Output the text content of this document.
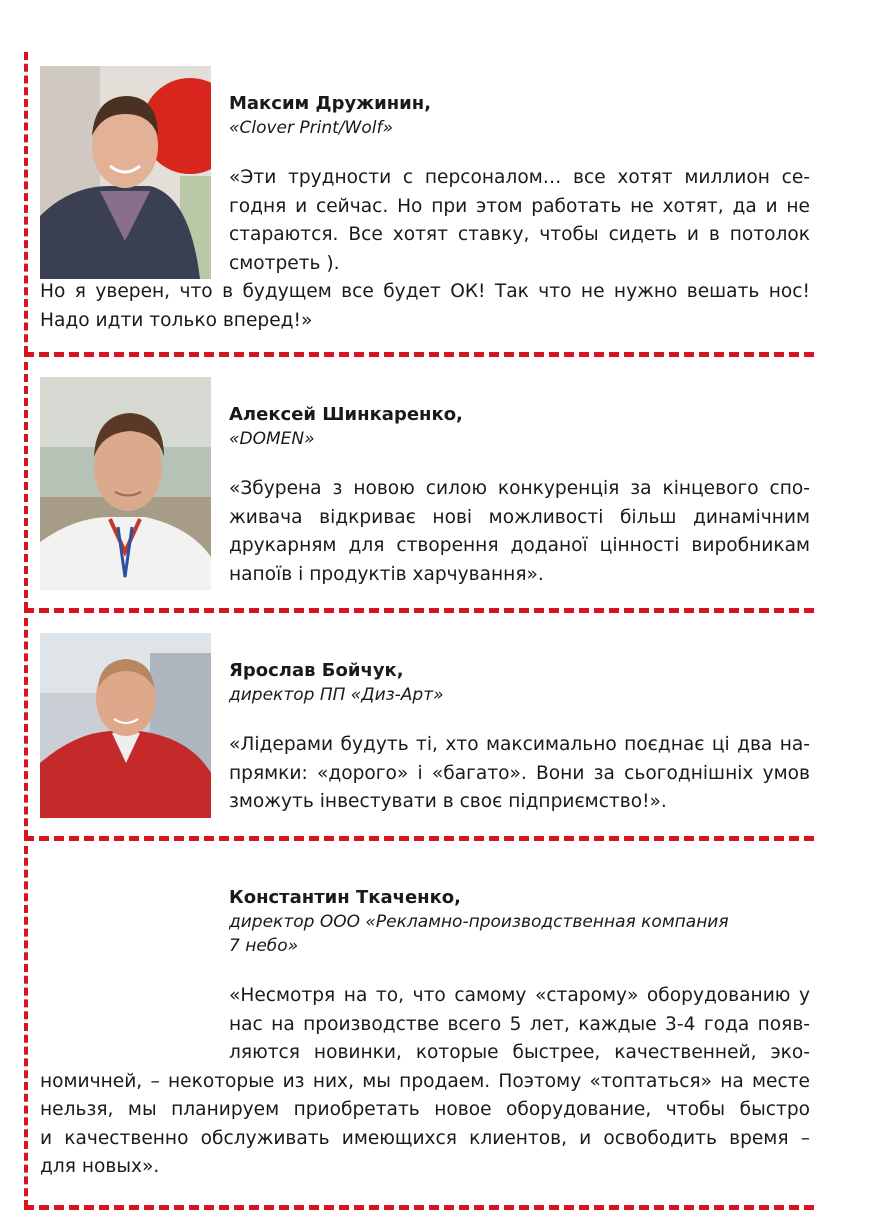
Максим Дружинин,
«Clover Print/Wolf»
«Эти трудности с персоналом… все хотят миллион се-
годня и сейчас. Но при этом работать не хотят, да и не
стараются. Все хотят ставку, чтобы сидеть и в потолок
смотреть ).
Но я уверен, что в будущем все будет ОК! Так что не нужно вешать нос!
Надо идти только вперед!»
Алексей Шинкаренко,
«DOMEN»
«Збурена з новою силою конкуренція за кінцевого спо-
живача відкриває нові можливості більш динамічним
друкарням для створення доданої цінності виробникам
напоїв і продуктів харчування».
Ярослав Бойчук,
директор ПП «Диз-Арт»
«Лідерами будуть ті, хто максимально поєднає ці два на-
прямки: «дорого» і «багато». Вони за сьогоднішніх умов
зможуть інвестувати в своє підприємство!».
Константин Ткаченко,
директор ООО «Рекламно-производственная компания
7 небо»
«Несмотря на то, что самому «старому» оборудованию у
нас на производстве всего 5 лет, каждые 3-4 года появ-
ляются новинки, которые быстрее, качественней, эко-
номичней, – некоторые из них, мы продаем. Поэтому «топтаться» на месте
нельзя, мы планируем приобретать новое оборудование, чтобы быстро
и качественно обслуживать имеющихся клиентов, и освободить время –
для новых».
